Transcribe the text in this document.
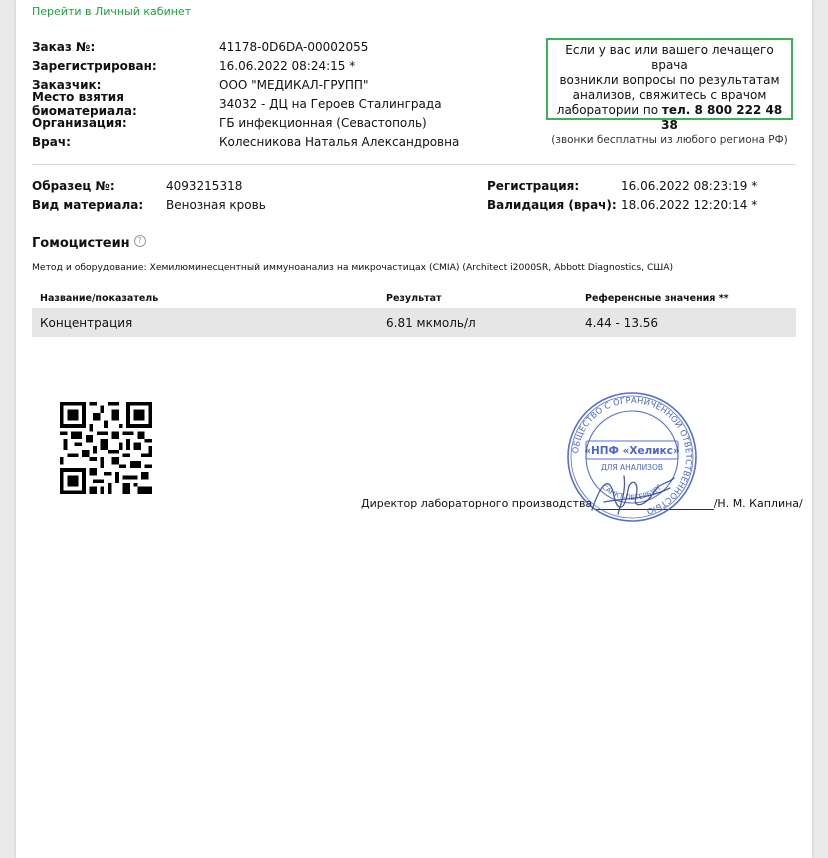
Перейти в Личный кабинет
Заказ №:	41178-0D6DA-00002055
Зарегистрирован:	16.06.2022 08:24:15 *
Заказчик:	ООО "МЕДИКАЛ-ГРУПП"
Место взятия биоматериала:	34032 - ДЦ на Героев Сталинграда
Организация:	ГБ инфекционная (Севастополь)
Врач:	Колесникова Наталья Александровна
Если у вас или вашего лечащего врача
возникли вопросы по результатам
анализов, свяжитесь с врачом
лаборатории по тел. 8 800 222 48 38
(звонки бесплатны из любого региона РФ)
Образец №:	4093215318
Вид материала:	Венозная кровь
Регистрация:	16.06.2022 08:23:19 *
Валидация (врач): 18.06.2022 12:20:14 *
Гомоцистеин ?
Метод и оборудование: Хемилюминесцентный иммуноанализ на микрочастицах (CMIA) (Architect i2000SR, Abbott Diagnostics, США)
Название/показатель	Результат	Референсные значения **
Концентрация	6.81 мкмоль/л	4.44 - 13.56
Директор лабораторного производства	/Н. М. Каплина/
ОБЩЕСТВО С ОГРАНИЧЕННОЙ ОТВЕТСТВЕННОСТЬЮ
«НПФ «Хеликс»
ДЛЯ АНАЛИЗОВ
САНКТ-ПЕТЕРБУРГ
